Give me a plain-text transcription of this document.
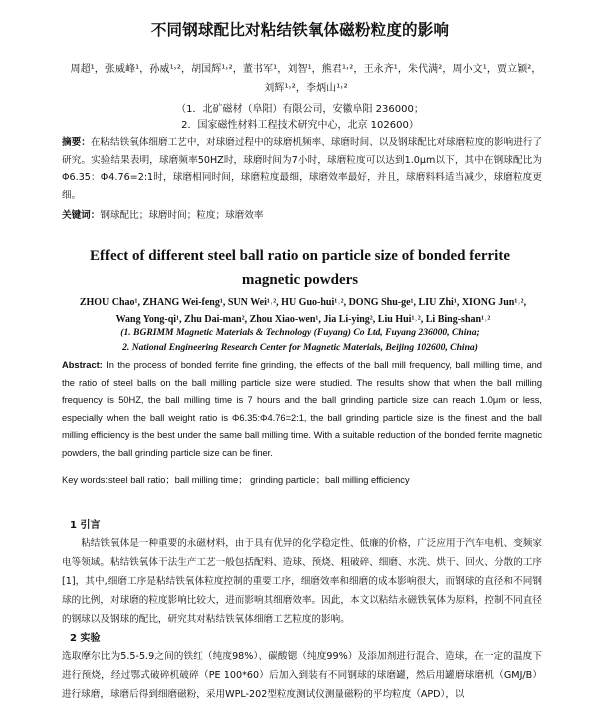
不同钢球配比对粘结铁氧体磁粉粒度的影响
周超¹，张威峰¹，孙威¹˒²，胡国辉¹˒²，董书军¹，刘智¹，熊君¹˒²，王永齐¹，朱代满²，周小文¹，贾立颖²，刘辉¹˒²，李炳山¹˒²
（1．北矿磁材（阜阳）有限公司，安徽阜阳 236000；
2．国家磁性材料工程技术研究中心，北京 102600）
摘要：在粘结铁氧体细磨工艺中，对球磨过程中的球磨机频率、球磨时间、以及钢球配比对球磨粒度的影响进行了研究。实验结果表明，球磨频率50HZ时，球磨时间为7小时，球磨粒度可以达到1.0μm以下，其中在钢球配比为Φ6.35：Φ4.76=2:1时，球磨相同时间，球磨粒度最细，球磨效率最好，并且，球磨料料适当减少，球磨粒度更细。
关键词：钢球配比；球磨时间；粒度；球磨效率
Effect of different steel ball ratio on particle size of bonded ferrite
magnetic powders
ZHOU Chao¹, ZHANG Wei-feng¹, SUN Wei¹˒², HU Guo-hui¹˒², DONG Shu-ge¹, LIU Zhi¹, XIONG Jun¹˒²,
Wang Yong-qi¹, Zhu Dai-man², Zhou Xiao-wen¹, Jia Li-ying², Liu Hui¹˒², Li Bing-shan¹˒²
(1. BGRIMM Magnetic Materials & Technology (Fuyang) Co Ltd, Fuyang 236000, China;
2. National Engineering Research Center for Magnetic Materials, Beijing 102600, China)
Abstract: In the process of bonded ferrite fine grinding, the effects of the ball mill frequency, ball milling time, and the ratio of steel balls on the ball milling particle size were studied. The results show that when the ball milling frequency is 50HZ, the ball milling time is 7 hours and the ball grinding particle size can reach 1.0μm or less, especially when the ball weight ratio is Φ6.35:Φ4.76=2:1, the ball grinding particle size is the finest and the ball milling efficiency is the best under the same ball milling time. With a suitable reduction of the bonded ferrite magnetic powders, the ball grinding particle size can be finer.
Key words:steel ball ratio；ball milling time； grinding particle；ball milling efficiency
1 引言
粘结铁氧体是一种重要的永磁材料，由于具有优异的化学稳定性、低廉的价格，广泛应用于汽车电机、变频家电等领域。粘结铁氧体干法生产工艺一般包括配料、造球、预烧、粗破碎、细磨、水洗、烘干、回火、分散的工序[1]，其中,细磨工序是粘结铁氧体粒度控制的重要工序，细磨效率和细磨的成本影响很大，而钢球的直径和不同钢球的比例，对球磨的粒度影响比较大，进而影响其细磨效率。因此，本文以粘结永磁铁氧体为原料，控制不同直径的钢球以及钢球的配比，研究其对粘结铁氧体细磨工艺粒度的影响。
2 实验
选取摩尔比为5.5-5.9之间的铁红（纯度98%）、碳酸锶（纯度99%）及添加剂进行混合、造球，在一定的温度下进行预烧，经过鄂式破碎机破碎（PE 100*60）后加入到装有不同钢球的球磨罐，然后用罐磨球磨机（GMJ/B）进行球磨，球磨后得到细磨磁粉，采用WPL-202型粒度测试仪测量磁粉的平均粒度（APD），以
